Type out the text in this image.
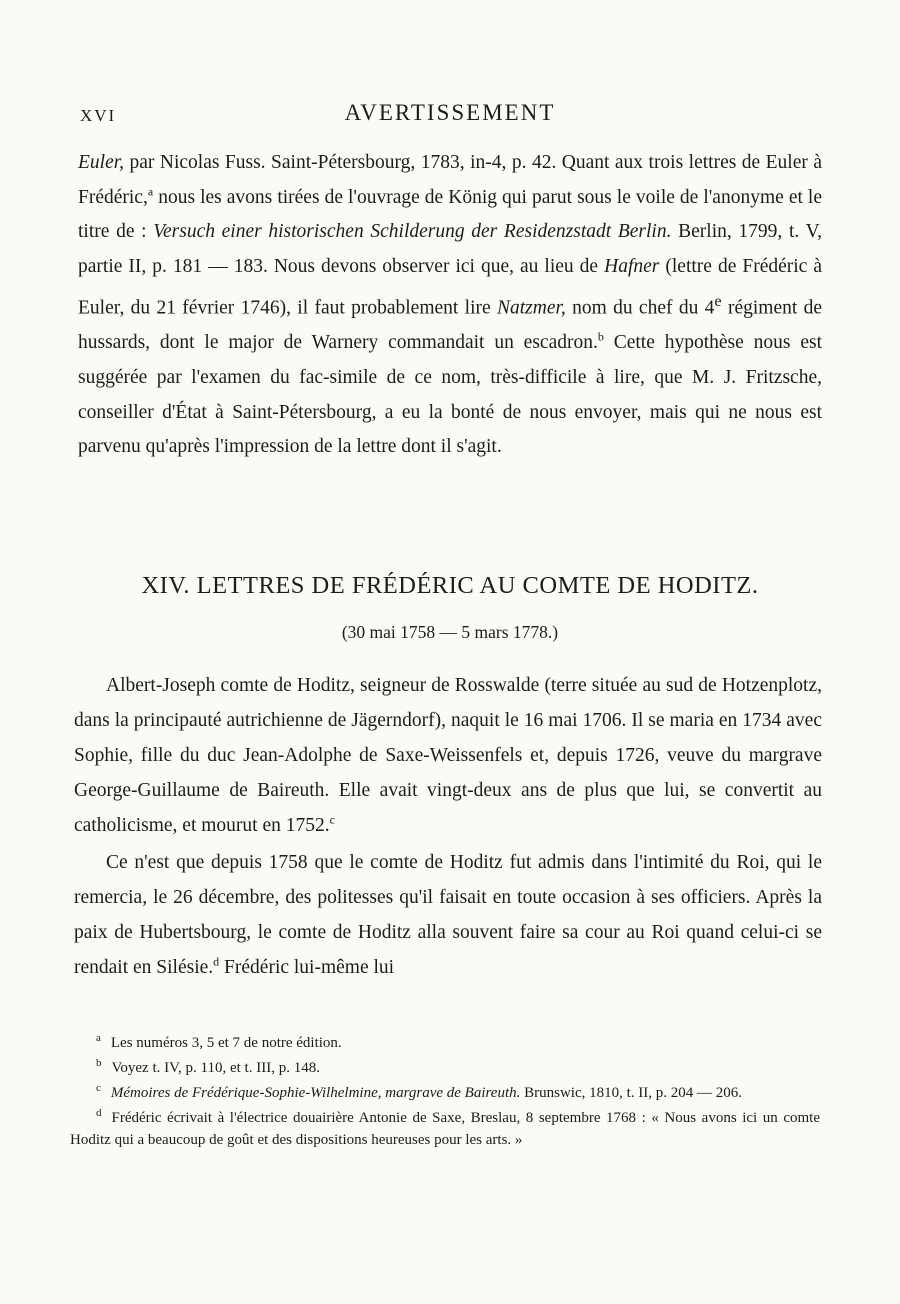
XVI	AVERTISSEMENT
Euler, par Nicolas Fuss. Saint-Pétersbourg, 1783, in-4, p. 42. Quant aux trois lettres de Euler à Frédéric,$^a$ nous les avons tirées de l'ouvrage de König qui parut sous le voile de l'anonyme et le titre de : Versuch einer historischen Schilderung der Residenzstadt Berlin. Berlin, 1799, t. V, partie II, p. 181 — 183. Nous devons observer ici que, au lieu de Hafner (lettre de Frédéric à Euler, du 21 février 1746), il faut probablement lire Natzmer, nom du chef du 4e régiment de hussards, dont le major de Warnery commandait un escadron.$^b$ Cette hypothèse nous est suggérée par l'examen du fac-simile de ce nom, très-difficile à lire, que M. J. Fritzsche, conseiller d'État à Saint-Pétersbourg, a eu la bonté de nous envoyer, mais qui ne nous est parvenu qu'après l'impression de la lettre dont il s'agit.
XIV. LETTRES DE FRÉDÉRIC AU COMTE DE HODITZ.
(30 mai 1758 — 5 mars 1778.)

Albert-Joseph comte de Hoditz, seigneur de Rosswalde (terre située au sud de Hotzenplotz, dans la principauté autrichienne de Jägerndorf), naquit le 16 mai 1706. Il se maria en 1734 avec Sophie, fille du duc Jean-Adolphe de Saxe-Weissenfels et, depuis 1726, veuve du margrave George-Guillaume de Baireuth. Elle avait vingt-deux ans de plus que lui, se convertit au catholicisme, et mourut en 1752.$^c$

Ce n'est que depuis 1758 que le comte de Hoditz fut admis dans l'intimité du Roi, qui le remercia, le 26 décembre, des politesses qu'il faisait en toute occasion à ses officiers. Après la paix de Hubertsbourg, le comte de Hoditz alla souvent faire sa cour au Roi quand celui-ci se rendait en Silésie.$^d$ Frédéric lui-même lui

$^a$ Les numéros 3, 5 et 7 de notre édition.

$^b$ Voyez t. IV, p. 110, et t. III, p. 148.

$^c$ Mémoires de Frédérique-Sophie-Wilhelmine, margrave de Baireuth. Brunswic, 1810, t. II, p. 204 — 206.

$^d$ Frédéric écrivait à l'électrice douairière Antonie de Saxe, Breslau, 8 septembre 1768 : « Nous avons ici un comte Hoditz qui a beaucoup de goût et des dispositions heureuses pour les arts. »
